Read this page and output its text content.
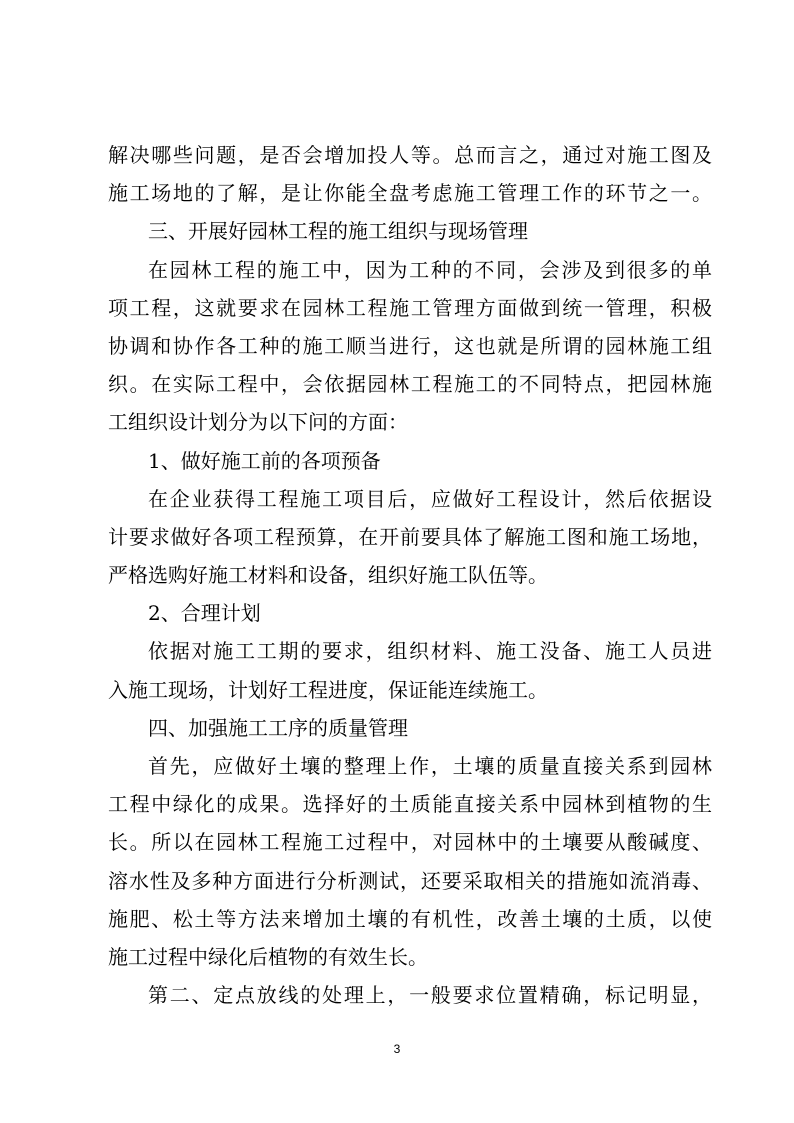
解决哪些问题，是否会增加投人等。总而言之，通过对施工图及
施工场地的了解，是让你能全盘考虑施工管理工作的环节之一。
三、开展好园林工程的施工组织与现场管理
在园林工程的施工中，因为工种的不同，会涉及到很多的单
项工程，这就要求在园林工程施工管理方面做到统一管理，积极
协调和协作各工种的施工顺当进行，这也就是所谓的园林施工组
织。在实际工程中，会依据园林工程施工的不同特点，把园林施
工组织设计划分为以下问的方面：
1、做好施工前的各项预备
在企业获得工程施工项目后，应做好工程设计，然后依据设
计要求做好各项工程预算，在开前要具体了解施工图和施工场地，
严格选购好施工材料和设备，组织好施工队伍等。
2、合理计划
依据对施工工期的要求，组织材料、施工没备、施工人员进
入施工现场，计划好工程进度，保证能连续施工。
四、加强施工工序的质量管理
首先，应做好土壤的整理上作，土壤的质量直接关系到园林
工程中绿化的成果。选择好的土质能直接关系中园林到植物的生
长。所以在园林工程施工过程中，对园林中的土壤要从酸碱度、
溶水性及多种方面进行分析测试，还要采取相关的措施如流消毒、
施肥、松土等方法来增加土壤的有机性，改善土壤的土质，以使
施工过程中绿化后植物的有效生长。
第二、定点放线的处理上，一般要求位置精确，标记明显，
3
